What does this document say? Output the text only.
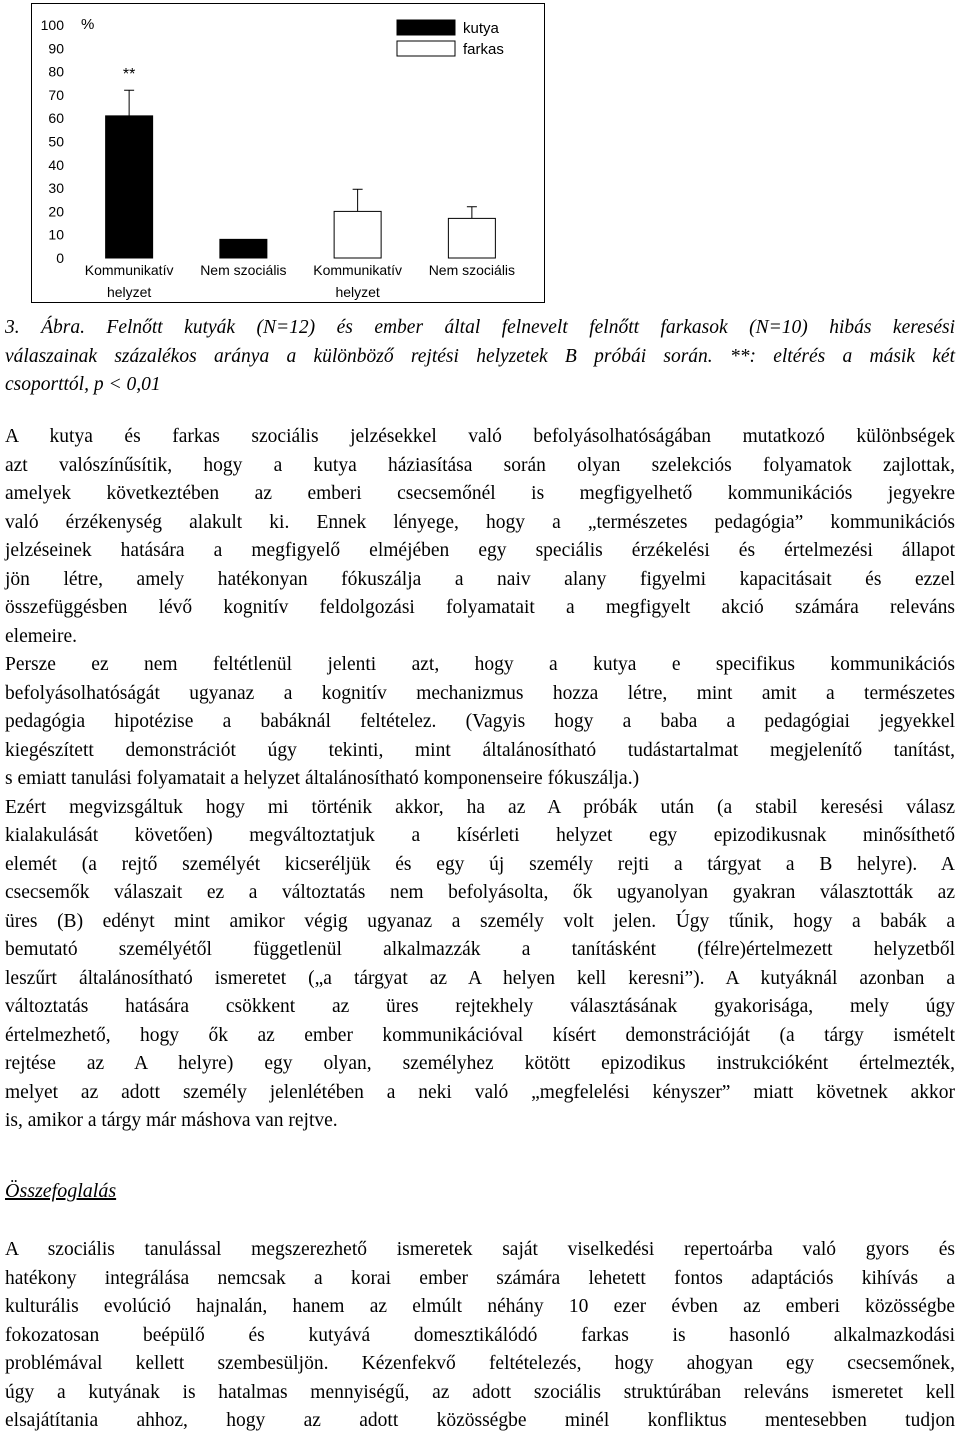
0
10
20
30
40
50
60
70
80
90
100 %
**
Kommunikatív
helyzet
Nem szociális Kommunikatív
helyzet
Nem szociális
kutya
farkas

3. Ábra. Felnőtt kutyák (N=12) és ember által felnevelt felnőtt farkasok (N=10) hibás keresési
válaszainak százalékos aránya a különböző rejtési helyzetek B próbái során. **: eltérés a másik két
csoporttól, p < 0,01

A kutya és farkas szociális jelzésekkel való befolyásolhatóságában mutatkozó különbségek
azt valószínűsítik, hogy a kutya háziasítása során olyan szelekciós folyamatok zajlottak,
amelyek következtében az emberi csecsemőnél is megfigyelhető kommunikációs jegyekre
való érzékenység alakult ki. Ennek lényege, hogy a „természetes pedagógia” kommunikációs
jelzéseinek hatására a megfigyelő elméjében egy speciális érzékelési és értelmezési állapot
jön létre, amely hatékonyan fókuszálja a naiv alany figyelmi kapacitásait és ezzel
összefüggésben lévő kognitív feldolgozási folyamatait a megfigyelt akció számára releváns
elemeire.

Persze ez nem feltétlenül jelenti azt, hogy a kutya e specifikus kommunikációs
befolyásolhatóságát ugyanaz a kognitív mechanizmus hozza létre, mint amit a természetes
pedagógia hipotézise a babáknál feltételez. (Vagyis hogy a baba a pedagógiai jegyekkel
kiegészített demonstrációt úgy tekinti, mint általánosítható tudástartalmat megjelenítő tanítást,
s emiatt tanulási folyamatait a helyzet általánosítható komponenseire fókuszálja.)

Ezért megvizsgáltuk hogy mi történik akkor, ha az A próbák után (a stabil keresési válasz
kialakulását követően) megváltoztatjuk a kísérleti helyzet egy epizodikusnak minősíthető
elemét (a rejtő személyét kicseréljük és egy új személy rejti a tárgyat a B helyre). A
csecsemők válaszait ez a változtatás nem befolyásolta, ők ugyanolyan gyakran választották az
üres (B) edényt mint amikor végig ugyanaz a személy volt jelen. Úgy tűnik, hogy a babák a
bemutató személyétől függetlenül alkalmazzák a tanításként (félre)értelmezett helyzetből
leszűrt általánosítható ismeretet („a tárgyat az A helyen kell keresni”). A kutyáknál azonban a
változtatás hatására csökkent az üres rejtekhely választásának gyakorisága, mely úgy
értelmezhető, hogy ők az ember kommunikációval kísért demonstrációját (a tárgy ismételt
rejtése az A helyre) egy olyan, személyhez kötött epizodikus instrukcióként értelmezték,
melyet az adott személy jelenlétében a neki való „megfelelési kényszer” miatt követnek akkor
is, amikor a tárgy már máshova van rejtve.

Összefoglalás

A szociális tanulással megszerezhető ismeretek saját viselkedési repertoárba való gyors és
hatékony integrálása nemcsak a korai ember számára lehetett fontos adaptációs kihívás a
kulturális evolúció hajnalán, hanem az elmúlt néhány 10 ezer évben az emberi közösségbe
fokozatosan beépülő és kutyává domesztikálódó farkas is hasonló alkalmazkodási
problémával kellett szembesüljön. Kézenfekvő feltételezés, hogy ahogyan egy csecsemőnek,
úgy a kutyának is hatalmas mennyiségű, az adott szociális struktúrában releváns ismeretet kell
elsajátítania ahhoz, hogy az adott közösségbe minél konfliktus mentesebben tudjon
